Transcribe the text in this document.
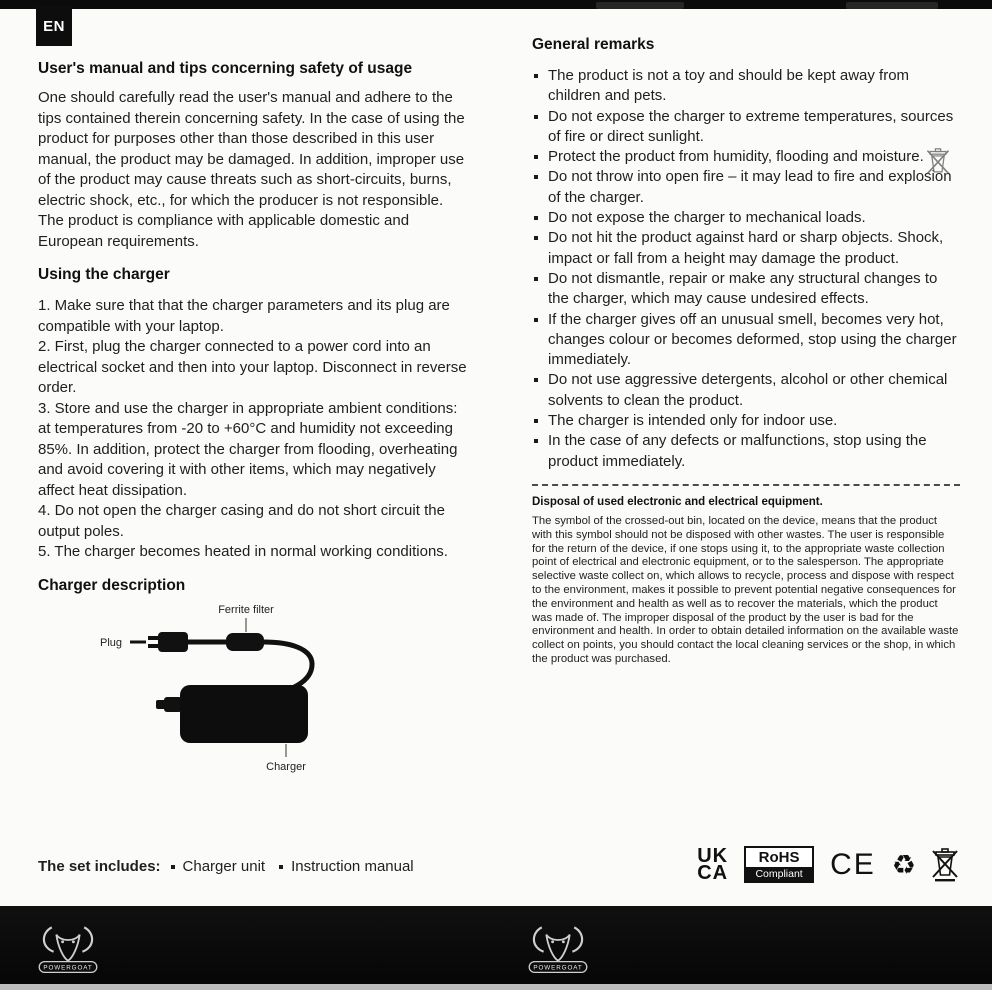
EN
User's manual and tips concerning safety of usage

One should carefully read the user's manual and adhere to the tips contained therein concerning safety. In the case of using the product for purposes other than those described in this user manual, the product may be damaged. In addition, improper use of the product may cause threats such as short-circuits, burns, electric shock, etc., for which the producer is not responsible. The product is compliance with applicable domestic and European requirements.

Using the charger

1. Make sure that that the charger parameters and its plug are compatible with your laptop.

2. First, plug the charger connected to a power cord into an electrical socket and then into your laptop. Disconnect in reverse order.

3. Store and use the charger in appropriate ambient conditions: at temperatures from -20 to +60°C and humidity not exceeding 85%. In addition, protect the charger from flooding, overheating and avoid covering it with other items, which may negatively affect heat dissipation.

4. Do not open the charger casing and do not short circuit the output poles.

5. The charger becomes heated in normal working conditions.

Charger description
Ferrite filter
Plug
Charger
General remarks
The product is not a toy and should be kept away from children and pets.
Do not expose the charger to extreme temperatures, sources of fire or direct sunlight.
Protect the product from humidity, flooding and moisture.
Do not throw into open fire – it may lead to fire and explosion of the charger.
Do not expose the charger to mechanical loads.
Do not hit the product against hard or sharp objects. Shock, impact or fall from a height may damage the product.
Do not dismantle, repair or make any structural changes to the charger, which may cause undesired effects.
If the charger gives off an unusual smell, becomes very hot, changes colour or becomes deformed, stop using the charger immediately.
Do not use aggressive detergents, alcohol or other chemical solvents to clean the product.
The charger is intended only for indoor use.
In the case of any defects or malfunctions, stop using the product immediately.
Disposal of used electronic and electrical equipment.

The symbol of the crossed-out bin, located on the device, means that the product with this symbol should not be disposed with other wastes. The user is responsible for the return of the device, if one stops using it, to the appropriate waste collection point of electrical and electronic equipment, or to the salesperson. The appropriate selective waste collect on, which allows to recycle, process and dispose with respect to the environment, makes it possible to prevent potential negative consequences for the environment and health as well as to recover the materials, which the product was made of. The improper disposal of the product by the user is bad for the environment and health. In order to obtain detailed information on the available waste collect on points, you should contact the local cleaning services or the shop, in which the product was purchased.

The set includes: Charger unit Instruction manual	UK
CA
RoHS
Compliant CE ♻
POWERGOAT	POWERGOAT
